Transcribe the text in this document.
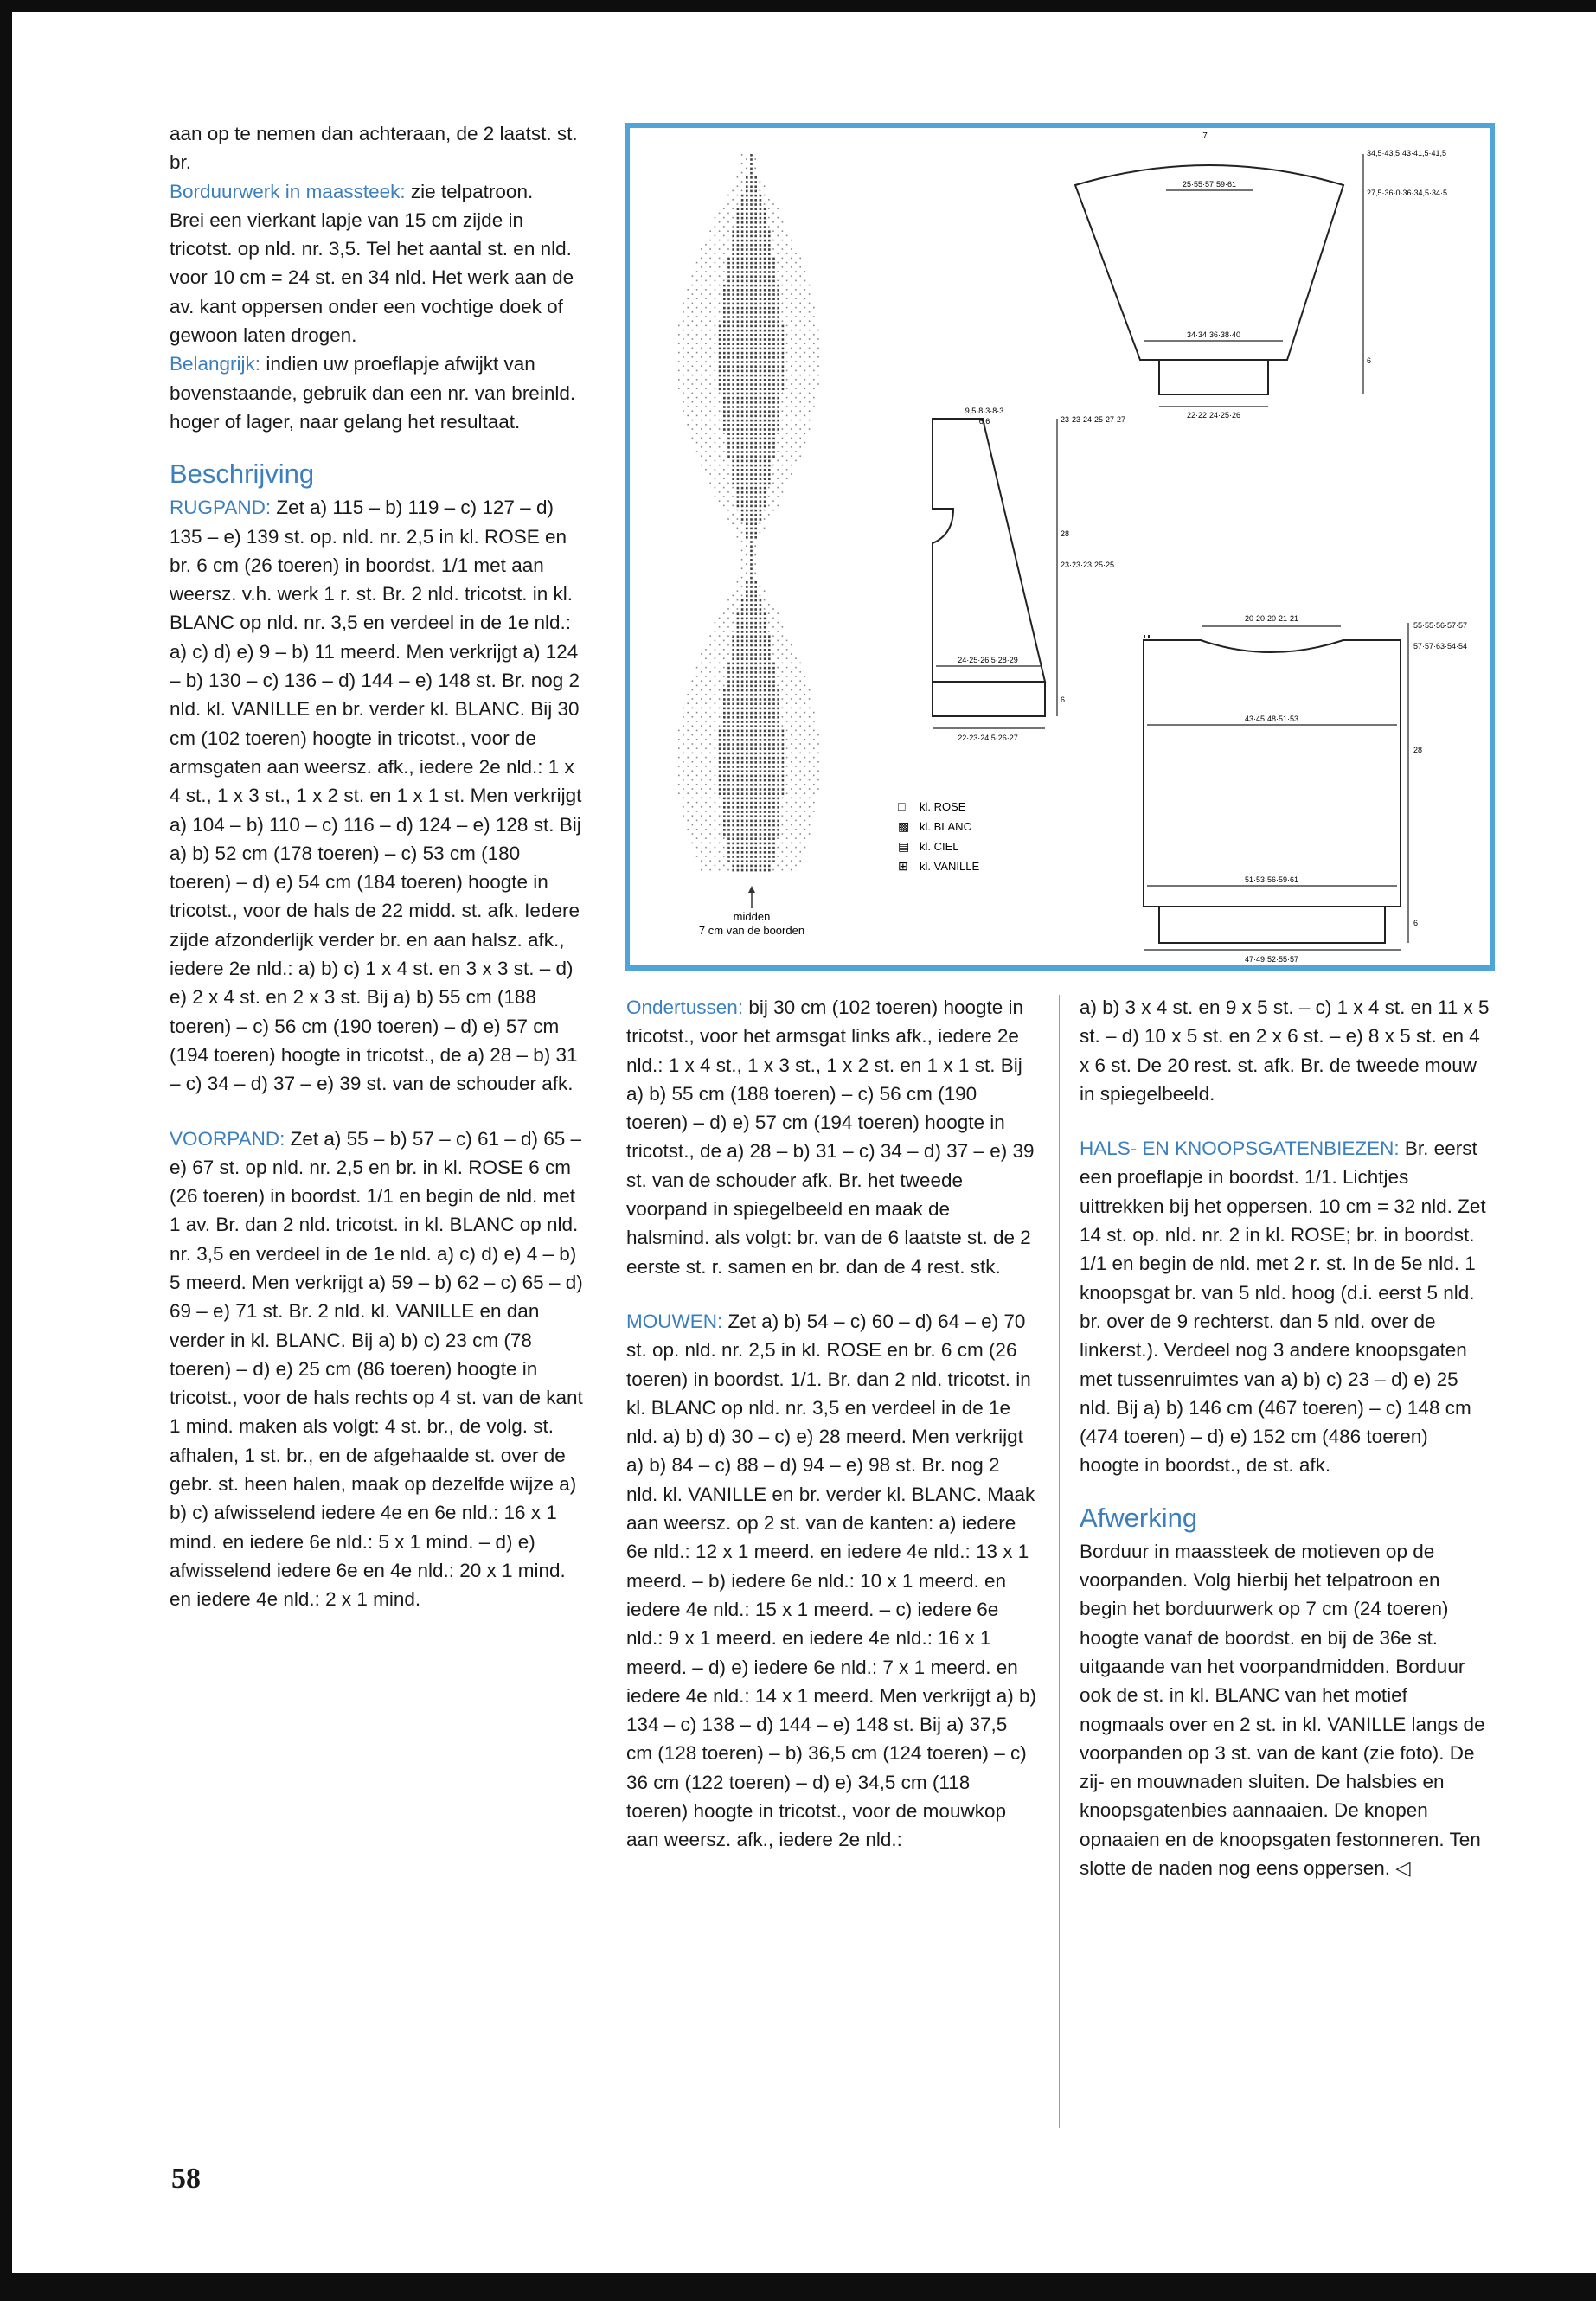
aan op te nemen dan achteraan, de 2 laatst. st. br.

Borduurwerk in maassteek: zie telpatroon.

Brei een vierkant lapje van 15 cm zijde in tricotst. op nld. nr. 3,5. Tel het aantal st. en nld. voor 10 cm = 24 st. en 34 nld. Het werk aan de av. kant oppersen onder een vochtige doek of gewoon laten drogen.

Belangrijk: indien uw proeflapje afwijkt van bovenstaande, gebruik dan een nr. van breinld. hoger of lager, naar gelang het resultaat.

Beschrijving

RUGPAND: Zet a) 115 – b) 119 – c) 127 – d) 135 – e) 139 st. op. nld. nr. 2,5 in kl. ROSE en br. 6 cm (26 toeren) in boordst. 1/1 met aan weersz. v.h. werk 1 r. st. Br. 2 nld. tricotst. in kl. BLANC op nld. nr. 3,5 en verdeel in de 1e nld.: a) c) d) e) 9 – b) 11 meerd. Men verkrijgt a) 124 – b) 130 – c) 136 – d) 144 – e) 148 st. Br. nog 2 nld. kl. VANILLE en br. verder kl. BLANC. Bij 30 cm (102 toeren) hoogte in tricotst., voor de armsgaten aan weersz. afk., iedere 2e nld.: 1 x 4 st., 1 x 3 st., 1 x 2 st. en 1 x 1 st. Men verkrijgt a) 104 – b) 110 – c) 116 – d) 124 – e) 128 st. Bij a) b) 52 cm (178 toeren) – c) 53 cm (180 toeren) – d) e) 54 cm (184 toeren) hoogte in tricotst., voor de hals de 22 midd. st. afk. Iedere zijde afzonderlijk verder br. en aan halsz. afk., iedere 2e nld.: a) b) c) 1 x 4 st. en 3 x 3 st. – d) e) 2 x 4 st. en 2 x 3 st. Bij a) b) 55 cm (188 toeren) – c) 56 cm (190 toeren) – d) e) 57 cm (194 toeren) hoogte in tricotst., de a) 28 – b) 31 – c) 34 – d) 37 – e) 39 st. van de schouder afk.

VOORPAND: Zet a) 55 – b) 57 – c) 61 – d) 65 – e) 67 st. op nld. nr. 2,5 en br. in kl. ROSE 6 cm (26 toeren) in boordst. 1/1 en begin de nld. met 1 av. Br. dan 2 nld. tricotst. in kl. BLANC op nld. nr. 3,5 en verdeel in de 1e nld. a) c) d) e) 4 – b) 5 meerd. Men verkrijgt a) 59 – b) 62 – c) 65 – d) 69 – e) 71 st. Br. 2 nld. kl. VANILLE en dan verder in kl. BLANC. Bij a) b) c) 23 cm (78 toeren) – d) e) 25 cm (86 toeren) hoogte in tricotst., voor de hals rechts op 4 st. van de kant 1 mind. maken als volgt: 4 st. br., de volg. st. afhalen, 1 st. br., en de afgehaalde st. over de gebr. st. heen halen, maak op dezelfde wijze a) b) c) afwisselend iedere 4e en 6e nld.: 16 x 1 mind. en iedere 6e nld.: 5 x 1 mind. – d) e) afwisselend iedere 6e en 4e nld.: 20 x 1 mind. en iedere 4e nld.: 2 x 1 mind.

Ondertussen: bij 30 cm (102 toeren) hoogte in tricotst., voor het armsgat links afk., iedere 2e nld.: 1 x 4 st., 1 x 3 st., 1 x 2 st. en 1 x 1 st. Bij a) b) 55 cm (188 toeren) – c) 56 cm (190 toeren) – d) e) 57 cm (194 toeren) hoogte in tricotst., de a) 28 – b) 31 – c) 34 – d) 37 – e) 39 st. van de schouder afk. Br. het tweede voorpand in spiegelbeeld en maak de halsmind. als volgt: br. van de 6 laatste st. de 2 eerste st. r. samen en br. dan de 4 rest. stk.

MOUWEN: Zet a) b) 54 – c) 60 – d) 64 – e) 70 st. op. nld. nr. 2,5 in kl. ROSE en br. 6 cm (26 toeren) in boordst. 1/1. Br. dan 2 nld. tricotst. in kl. BLANC op nld. nr. 3,5 en verdeel in de 1e nld. a) b) d) 30 – c) e) 28 meerd. Men verkrijgt a) b) 84 – c) 88 – d) 94 – e) 98 st. Br. nog 2 nld. kl. VANILLE en br. verder kl. BLANC. Maak aan weersz. op 2 st. van de kanten: a) iedere 6e nld.: 12 x 1 meerd. en iedere 4e nld.: 13 x 1 meerd. – b) iedere 6e nld.: 10 x 1 meerd. en iedere 4e nld.: 15 x 1 meerd. – c) iedere 6e nld.: 9 x 1 meerd. en iedere 4e nld.: 16 x 1 meerd. – d) e) iedere 6e nld.: 7 x 1 meerd. en iedere 4e nld.: 14 x 1 meerd. Men verkrijgt a) b) 134 – c) 138 – d) 144 – e) 148 st. Bij a) 37,5 cm (128 toeren) – b) 36,5 cm (124 toeren) – c) 36 cm (122 toeren) – d) e) 34,5 cm (118 toeren) hoogte in tricotst., voor de mouwkop aan weersz. afk., iedere 2e nld.:

a) b) 3 x 4 st. en 9 x 5 st. – c) 1 x 4 st. en 11 x 5 st. – d) 10 x 5 st. en 2 x 6 st. – e) 8 x 5 st. en 4 x 6 st. De 20 rest. st. afk. Br. de tweede mouw in spiegelbeeld.

HALS- EN KNOOPSGATENBIEZEN: Br. eerst een proeflapje in boordst. 1/1. Lichtjes uittrekken bij het oppersen. 10 cm = 32 nld. Zet 14 st. op. nld. nr. 2 in kl. ROSE; br. in boordst. 1/1 en begin de nld. met 2 r. st. In de 5e nld. 1 knoopsgat br. van 5 nld. hoog (d.i. eerst 5 nld. br. over de 9 rechterst. dan 5 nld. over de linkerst.). Verdeel nog 3 andere knoopsgaten met tussenruimtes van a) b) c) 23 – d) e) 25 nld. Bij a) b) 146 cm (467 toeren) – c) 148 cm (474 toeren) – d) e) 152 cm (486 toeren) hoogte in boordst., de st. afk.

Afwerking

Borduur in maassteek de motieven op de voorpanden. Volg hierbij het telpatroon en begin het borduurwerk op 7 cm (24 toeren) hoogte vanaf de boordst. en bij de 36e st. uitgaande van het voorpandmidden. Borduur ook de st. in kl. BLANC van het motief nogmaals over en 2 st. in kl. VANILLE langs de voorpanden op 3 st. van de kant (zie foto). De zij- en mouwnaden sluiten. De halsbies en knoopsgatenbies aannaaien. De knopen opnaaien en de knoopsgaten festonneren. Ten slotte de naden nog eens oppersen. ◁

58
midden
7 cm van de boorden
□ kl. ROSE
▩ kl. BLANC
▤ kl. CIEL
⊞ kl. VANILLE
7
34,5·43,5·43·41,5·41,5
25·55·57·59·61
27,5·36·0·36·34,5·34·5
34·34·36·38·40
6
22·22·24·25·26
9,5·8·3·8·3
6,6	23·23·24·25·27·27
28
23·23·23·25·25
24·25·26,5·28·29
6
22·23·24,5·26·27
20·20·20·21·21
55·55·56·57·57
57·57·63·54·54
43·45·48·51·53
28
51·53·56·59·61
6
47·49·52·55·57
